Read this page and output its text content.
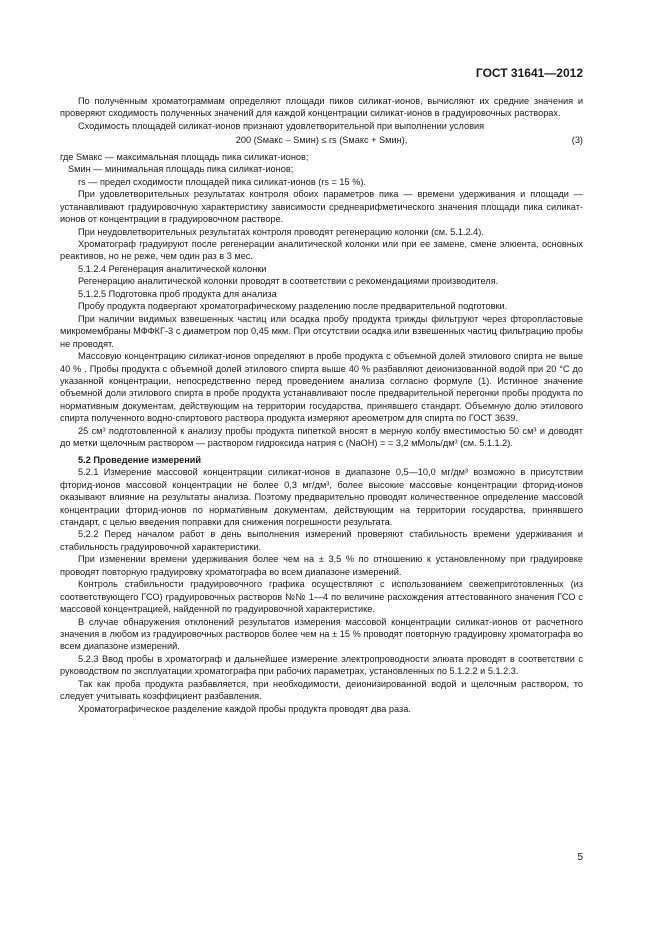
ГОСТ 31641—2012

По полученным хроматограммам определяют площади пиков силикат-ионов, вычисляют их средние значения и проверяют сходимость полученных значений для каждой концентрации силикат-ионов в градуировочных растворах.

Сходимость площадей силикат-ионов признают удовлетворительной при выполнении условия

200 (Sмакс – Sмин) ≤ rs (Sмакс + Sмин),	(3)

где Sмакс — максимальная площадь пика силикат-ионов;

Sмин — минимальная площадь пика силикат-ионов;

rs — предел сходимости площадей пика силикат-ионов (rs = 15 %).

При удовлетворительных результатах контроля обоих параметров пика — времени удерживания и площади — устанавливают градуировочную характеристику зависимости среднеарифметического значения площади пика силикат-ионов от концентрации в градуировочном растворе.

При неудовлетворительных результатах контроля проводят регенерацию колонки (см. 5.1.2.4).

Хроматограф градуируют после регенерации аналитической колонки или при ее замене, смене элюента, основных реактивов, но не реже, чем один раз в 3 мес.

5.1.2.4 Регенерация аналитической колонки

Регенерацию аналитической колонки проводят в соответствии с рекомендациями производителя.

5.1.2.5 Подготовка проб продукта для анализа

Пробу продукта подвергают хроматографическому разделению после предварительной подготовки.

При наличии видимых взвешенных частиц или осадка пробу продукта трижды фильтруют через фторопластовые микромембраны МФФКГ-3 с диаметром пор 0,45 мкм. При отсутствии осадка или взвешенных частиц фильтрацию пробы не проводят.

Массовую концентрацию силикат-ионов определяют в пробе продукта с объемной долей этилового спирта не выше 40 % . Пробы продукта с объемной долей этилового спирта выше 40 % разбавляют деионизованной водой при 20 °С до указанной концентрации, непосредственно перед проведением анализа согласно формуле (1). Истинное значение объемной доли этилового спирта в пробе продукта устанавливают после предварительной перегонки пробы продукта по нормативным документам, действующим на территории государства, принявшего стандарт. Объемную долю этилового спирта полученного водно-спиртового раствора продукта измеряют ареометром для спирта по ГОСТ 3639.

25 см³ подготовленной к анализу пробы продукта пипеткой вносят в мерную колбу вместимостью 50 см³ и доводят до метки щелочным раствором — раствором гидроксида натрия с (NaOH) = = 3,2 мМоль/дм³ (см. 5.1.1.2).

5.2 Проведение измерений

5.2.1 Измерение массовой концентрации силикат-ионов в диапазоне 0,5—10,0 мг/дм³ возможно в присутствии фторид-ионов массовой концентрации не более 0,3 мг/дм³, более высокие массовые концентрации фторид-ионов оказывают влияние на результаты анализа. Поэтому предварительно проводят количественное определение массовой концентрации фторид-ионов по нормативным документам, действующим на территории государства, принявшего стандарт, с целью введения поправки для снижения погрешности результата.

5.2.2 Перед началом работ в день выполнения измерений проверяют стабильность времени удерживания и стабильность градуировочной характеристики.

При изменении времени удерживания более чем на ± 3,5 % по отношению к установленному при градуировке проводят повторную градуировку хроматографа во всем диапазоне измерений.

Контроль стабильности градуировочного графика осуществляют с использованием свежеприготовленных (из соответствующего ГСО) градуировочных растворов №№ 1—4 по величине расхождения аттестованного значения ГСО с массовой концентрацией, найденной по градуировочной характеристике.

В случае обнаружения отклонений результатов измерения массовой концентрации силикат-ионов от расчетного значения в любом из градуировочных растворов более чем на ± 15 % проводят повторную градуировку хроматографа во всем диапазоне измерений.

5.2.3 Ввод пробы в хроматограф и дальнейшее измерение электропроводности элюата проводят в соответствии с руководством по эксплуатации хроматографа при рабочих параметрах, установленных по 5.1.2.2 и 5.1.2.3.

Так как проба продукта разбавляется, при необходимости, деионизированной водой и щелочным раствором, то следует учитывать коэффициент разбавления.

Хроматографическое разделение каждой пробы продукта проводят два раза.

5
